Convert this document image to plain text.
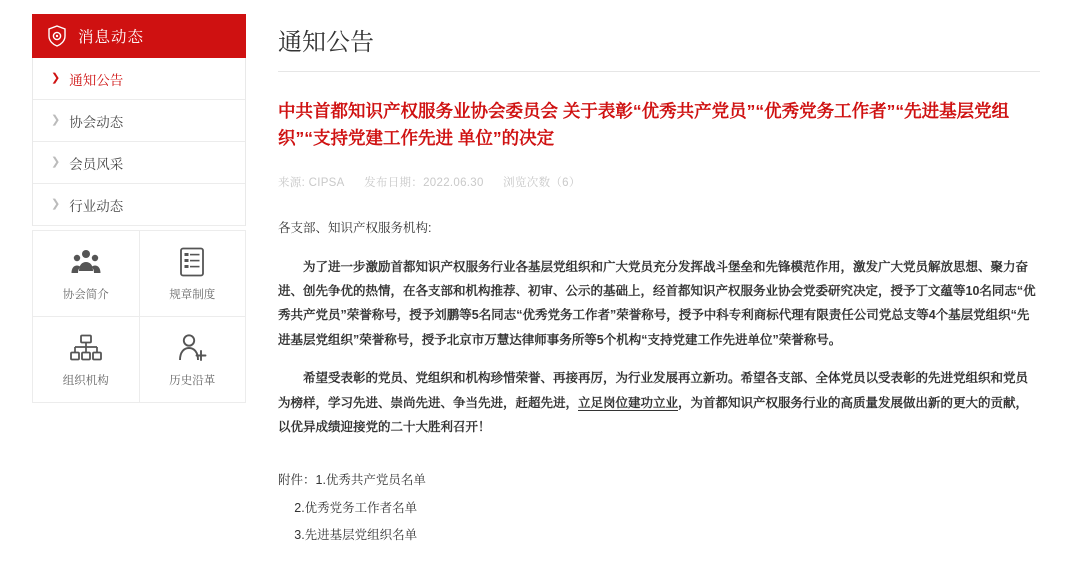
消息动态
❯ 通知公告
❯ 协会动态
❯ 会员风采
❯ 行业动态
协会简介	规章制度
组织机构	历史沿革
通知公告
中共首都知识产权服务业协会委员会 关于表彰“优秀共产党员”“优秀党务工作者”“先进基层党组织”“支持党建工作先进 单位”的决定
来源: CIPSA 发布日期：2022.06.30 浏览次数（6）

各支部、知识产权服务机构:

为了进一步激励首都知识产权服务行业各基层党组织和广大党员充分发挥战斗堡垒和先锋模范作用，激发广大党员解放思想、聚力奋进、创先争优的热情，在各支部和机构推荐、初审、公示的基础上，经首都知识产权服务业协会党委研究决定，授予丁文蕴等10名同志“优秀共产党员”荣誉称号，授予刘鹏等5名同志“优秀党务工作者”荣誉称号，授予中科专利商标代理有限责任公司党总支等4个基层党组织“先进基层党组织”荣誉称号，授予北京市万慧达律师事务所等5个机构“支持党建工作先进单位”荣誉称号。

希望受表彰的党员、党组织和机构珍惜荣誉、再接再厉，为行业发展再立新功。希望各支部、全体党员以受表彰的先进党组织和党员为榜样，学习先进、崇尚先进、争当先进，赶超先进，立足岗位建功立业，为首都知识产权服务行业的高质量发展做出新的更大的贡献，以优异成绩迎接党的二十大胜利召开！

附件：1.优秀共产党员名单
2.优秀党务工作者名单
3.先进基层党组织名单
